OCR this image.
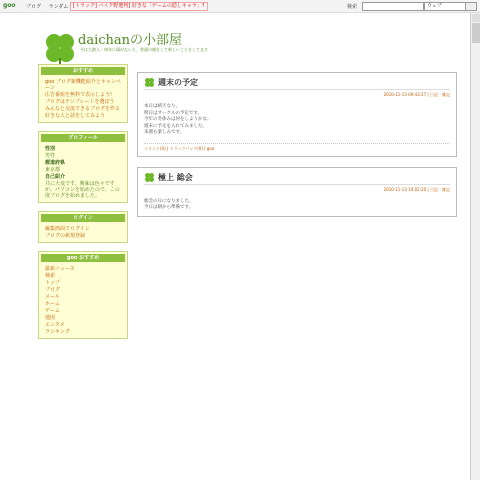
goo ブログ ランダム [トラック] バイク野選判] 好きな「ゲームの隠しキャラ」?	検索	ウェブ
daichanの小部屋
今は大熱人・毎年に頭がないと、普通の顔をして新しいことをしてまさ
おすすめ
goo ブログ新機能紹介とキャンペーン
広告番組を無料で表示しよう!
ブログはテンプレートを選ぼう
みんなと交流できるブログを作る
好きな人と話をしてみよう
プロフィール
性別
男性
都道府県
東京都
自己紹介
共に大変です。興味は色々ですが、パソコンを始めたので、この度ブログを始めました。
ログイン
編集画面でログイン
ブログの新規登録
goo おすすめ
最新ニュース
検索
トップ
ブログ
メール
ホーム
ゲーム
地図
エンタメ
ランキング
週末の予定
2010-11-13 09:43:27 | 日記・雑記
本日は晴天なり。
明日はサークルの予定です。
今年の冬休みは何をしようかな。
週末に予定を入れてみました。
来週も楽しみです。
コメント(0) | トラックバック(0) | goo
極上 総会
2010-11-13 10:02:20 | 日記・雑記
総会の日になりました。
今日は朝から準備です。
